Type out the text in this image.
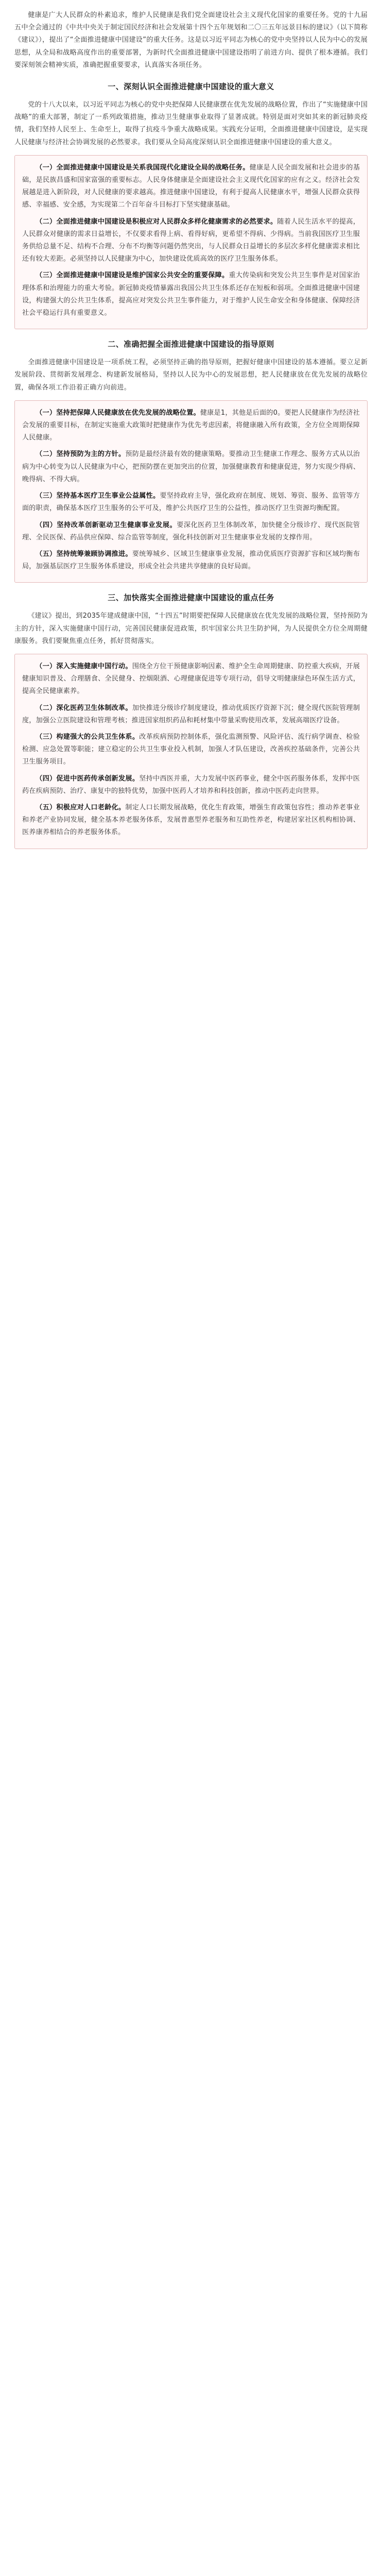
健康是广大人民群众的朴素追求，维护人民健康是我们党全面建设社会主义现代化国家的重要任务。党的十九届五中全会通过的《中共中央关于制定国民经济和社会发展第十四个五年规划和二〇三五年远景目标的建议》（以下简称《建议》），提出了“全面推进健康中国建设”的重大任务。这是以习近平同志为核心的党中央坚持以人民为中心的发展思想，从全局和战略高度作出的重要部署，为新时代全面推进健康中国建设指明了前进方向、提供了根本遵循。我们要深刻领会精神实质，准确把握重要要求，认真落实各项任务。

一、深刻认识全面推进健康中国建设的重大意义

党的十八大以来，以习近平同志为核心的党中央把保障人民健康摆在优先发展的战略位置，作出了“实施健康中国战略”的重大部署，制定了一系列政策措施，推动卫生健康事业取得了显著成就。特别是面对突如其来的新冠肺炎疫情，我们坚持人民至上、生命至上，取得了抗疫斗争重大战略成果。实践充分证明，全面推进健康中国建设，是实现人民健康与经济社会协调发展的必然要求。我们要从全局高度深刻认识全面推进健康中国建设的重大意义。

（一）全面推进健康中国建设是关系我国现代化建设全局的战略任务。健康是人民全面发展和社会进步的基础，是民族昌盛和国家富强的重要标志。人民身体健康是全面建设社会主义现代化国家的应有之义。经济社会发展越是进入新阶段，对人民健康的要求越高。推进健康中国建设，有利于提高人民健康水平，增强人民群众获得感、幸福感、安全感，为实现第二个百年奋斗目标打下坚实健康基础。

（二）全面推进健康中国建设是积极应对人民群众多样化健康需求的必然要求。随着人民生活水平的提高，人民群众对健康的需求日益增长，不仅要求看得上病、看得好病，更希望不得病、少得病。当前我国医疗卫生服务供给总量不足、结构不合理、分布不均衡等问题仍然突出，与人民群众日益增长的多层次多样化健康需求相比还有较大差距。必须坚持以人民健康为中心，加快建设优质高效的医疗卫生服务体系。

（三）全面推进健康中国建设是维护国家公共安全的重要保障。重大传染病和突发公共卫生事件是对国家治理体系和治理能力的重大考验。新冠肺炎疫情暴露出我国公共卫生体系还存在短板和弱项。全面推进健康中国建设，构建强大的公共卫生体系，提高应对突发公共卫生事件能力，对于维护人民生命安全和身体健康、保障经济社会平稳运行具有重要意义。

二、准确把握全面推进健康中国建设的指导原则

全面推进健康中国建设是一项系统工程，必须坚持正确的指导原则，把握好健康中国建设的基本遵循。要立足新发展阶段、贯彻新发展理念、构建新发展格局，坚持以人民为中心的发展思想，把人民健康放在优先发展的战略位置，确保各项工作沿着正确方向前进。

（一）坚持把保障人民健康放在优先发展的战略位置。健康是1，其他是后面的0。要把人民健康作为经济社会发展的重要目标，在制定实施重大政策时把健康作为优先考虑因素，将健康融入所有政策，全方位全周期保障人民健康。

（二）坚持预防为主的方针。预防是最经济最有效的健康策略。要推动卫生健康工作理念、服务方式从以治病为中心转变为以人民健康为中心，把预防摆在更加突出的位置，加强健康教育和健康促进，努力实现少得病、晚得病、不得大病。

（三）坚持基本医疗卫生事业公益属性。要坚持政府主导，强化政府在制度、规划、筹资、服务、监管等方面的职责，确保基本医疗卫生服务的公平可及，维护公共医疗卫生的公益性，推动医疗卫生资源均衡配置。

（四）坚持改革创新驱动卫生健康事业发展。要深化医药卫生体制改革，加快健全分级诊疗、现代医院管理、全民医保、药品供应保障、综合监管等制度，强化科技创新对卫生健康事业发展的支撑作用。

（五）坚持统筹兼顾协调推进。要统筹城乡、区域卫生健康事业发展，推动优质医疗资源扩容和区域均衡布局，加强基层医疗卫生服务体系建设，形成全社会共建共享健康的良好局面。

三、加快落实全面推进健康中国建设的重点任务

《建议》提出，到2035年建成健康中国，“十四五”时期要把保障人民健康放在优先发展的战略位置，坚持预防为主的方针，深入实施健康中国行动，完善国民健康促进政策，织牢国家公共卫生防护网，为人民提供全方位全周期健康服务。我们要聚焦重点任务，抓好贯彻落实。

（一）深入实施健康中国行动。围绕全方位干预健康影响因素、维护全生命周期健康、防控重大疾病，开展健康知识普及、合理膳食、全民健身、控烟限酒、心理健康促进等专项行动，倡导文明健康绿色环保生活方式，提高全民健康素养。

（二）深化医药卫生体制改革。加快推进分级诊疗制度建设，推动优质医疗资源下沉；健全现代医院管理制度，加强公立医院建设和管理考核；推进国家组织药品和耗材集中带量采购使用改革，发展高端医疗设备。

（三）构建强大的公共卫生体系。改革疾病预防控制体系，强化监测预警、风险评估、流行病学调查、检验检测、应急处置等职能；建立稳定的公共卫生事业投入机制，加强人才队伍建设，改善疾控基础条件，完善公共卫生服务项目。

（四）促进中医药传承创新发展。坚持中西医并重，大力发展中医药事业，健全中医药服务体系，发挥中医药在疾病预防、治疗、康复中的独特优势，加强中医药人才培养和科技创新，推动中医药走向世界。

（五）积极应对人口老龄化。制定人口长期发展战略，优化生育政策，增强生育政策包容性；推动养老事业和养老产业协同发展，健全基本养老服务体系，发展普惠型养老服务和互助性养老，构建居家社区机构相协调、医养康养相结合的养老服务体系。
